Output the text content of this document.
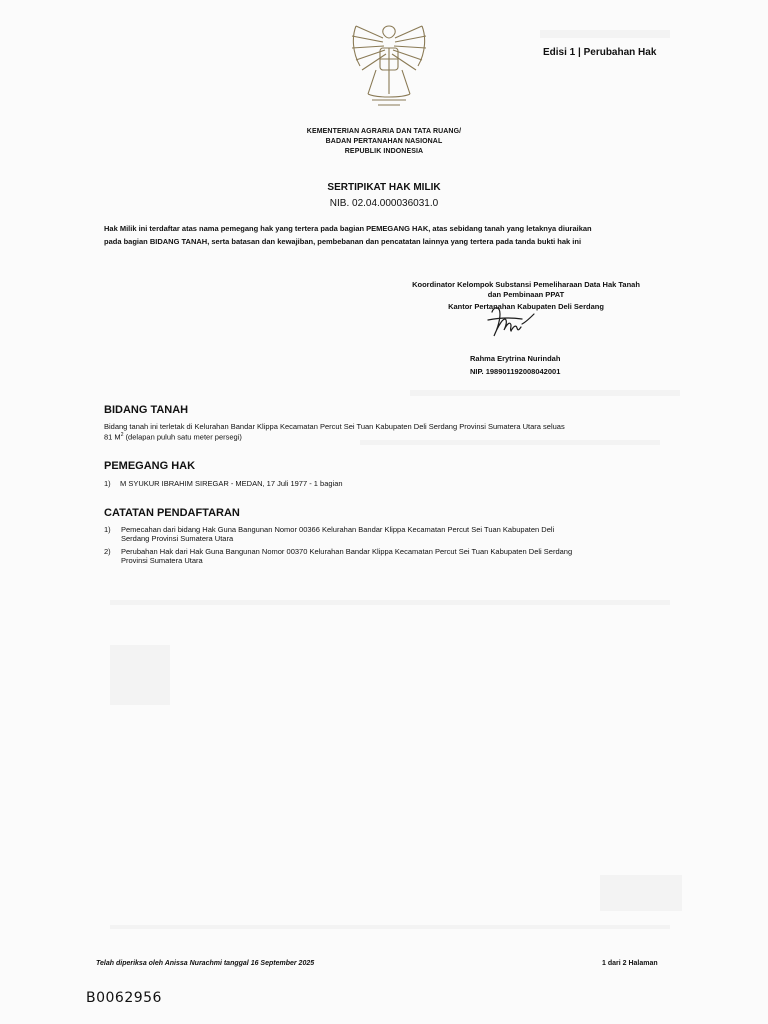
Edisi 1 | Perubahan Hak
KEMENTERIAN AGRARIA DAN TATA RUANG/
BADAN PERTANAHAN NASIONAL
REPUBLIK INDONESIA
SERTIPIKAT HAK MILIK
NIB. 02.04.000036031.0
Hak Milik ini terdaftar atas nama pemegang hak yang tertera pada bagian PEMEGANG HAK, atas sebidang tanah yang letaknya diuraikan
pada bagian BIDANG TANAH, serta batasan dan kewajiban, pembebanan dan pencatatan lainnya yang tertera pada tanda bukti hak ini
Koordinator Kelompok Substansi Pemeliharaan Data Hak Tanah
dan Pembinaan PPAT
Kantor Pertanahan Kabupaten Deli Serdang
Rahma Erytrina Nurindah
NIP. 198901192008042001
BIDANG TANAH
Bidang tanah ini terletak di Kelurahan Bandar Klippa Kecamatan Percut Sei Tuan Kabupaten Deli Serdang Provinsi Sumatera Utara seluas
81 $M^2$ (delapan puluh satu meter persegi)
PEMEGANG HAK
1) M SYUKUR IBRAHIM SIREGAR - MEDAN, 17 Juli 1977 - 1 bagian
CATATAN PENDAFTARAN
1)	Pemecahan dari bidang Hak Guna Bangunan Nomor 00366 Kelurahan Bandar Klippa Kecamatan Percut Sei Tuan Kabupaten Deli
Serdang Provinsi Sumatera Utara
2)	Perubahan Hak dari Hak Guna Bangunan Nomor 00370 Kelurahan Bandar Klippa Kecamatan Percut Sei Tuan Kabupaten Deli Serdang
Provinsi Sumatera Utara
Telah diperiksa oleh Anissa Nurachmi tanggal 16 September 2025	1 dari 2 Halaman
B0062956
